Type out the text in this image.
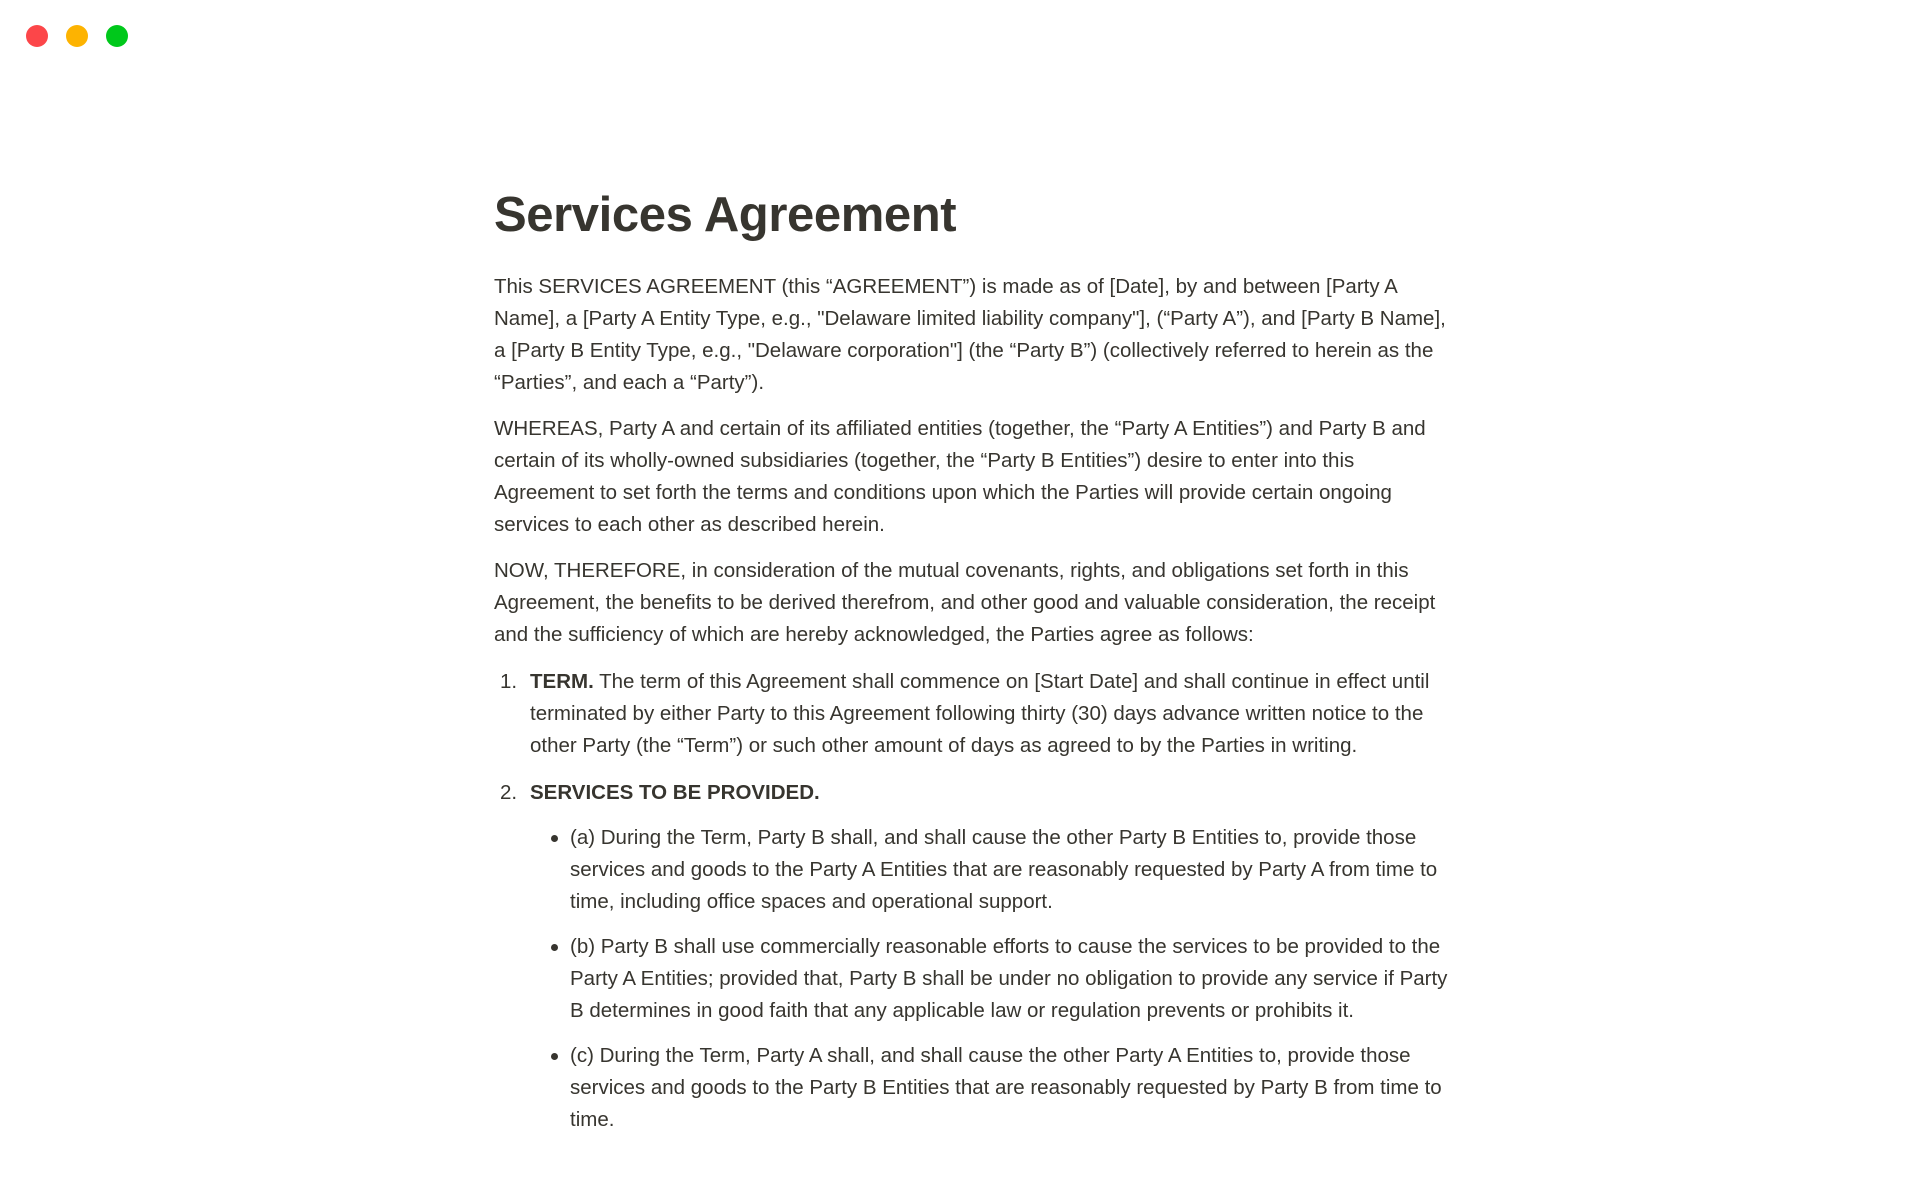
Services Agreement

This SERVICES AGREEMENT (this “AGREEMENT”) is made as of [Date], by and between [Party A Name], a [Party A Entity Type, e.g., "Delaware limited liability company"], (“Party A”), and [Party B Name], a [Party B Entity Type, e.g., "Delaware corporation"] (the “Party B”) (collectively referred to herein as the “Parties”, and each a “Party”).

WHEREAS, Party A and certain of its affiliated entities (together, the “Party A Entities”) and Party B and certain of its wholly-owned subsidiaries (together, the “Party B Entities”) desire to enter into this Agreement to set forth the terms and conditions upon which the Parties will provide certain ongoing services to each other as described herein.

NOW, THEREFORE, in consideration of the mutual covenants, rights, and obligations set forth in this Agreement, the benefits to be derived therefrom, and other good and valuable consideration, the receipt and the sufficiency of which are hereby acknowledged, the Parties agree as follows:

1. TERM. The term of this Agreement shall commence on [Start Date] and shall continue in effect until terminated by either Party to this Agreement following thirty (30) days advance written notice to the other Party (the “Term”) or such other amount of days as agreed to by the Parties in writing.
2. SERVICES TO BE PROVIDED.
(a) During the Term, Party B shall, and shall cause the other Party B Entities to, provide those services and goods to the Party A Entities that are reasonably requested by Party A from time to time, including office spaces and operational support.
(b) Party B shall use commercially reasonable efforts to cause the services to be provided to the Party A Entities; provided that, Party B shall be under no obligation to provide any service if Party B determines in good faith that any applicable law or regulation prevents or prohibits it.
(c) During the Term, Party A shall, and shall cause the other Party A Entities to, provide those services and goods to the Party B Entities that are reasonably requested by Party B from time to time.
